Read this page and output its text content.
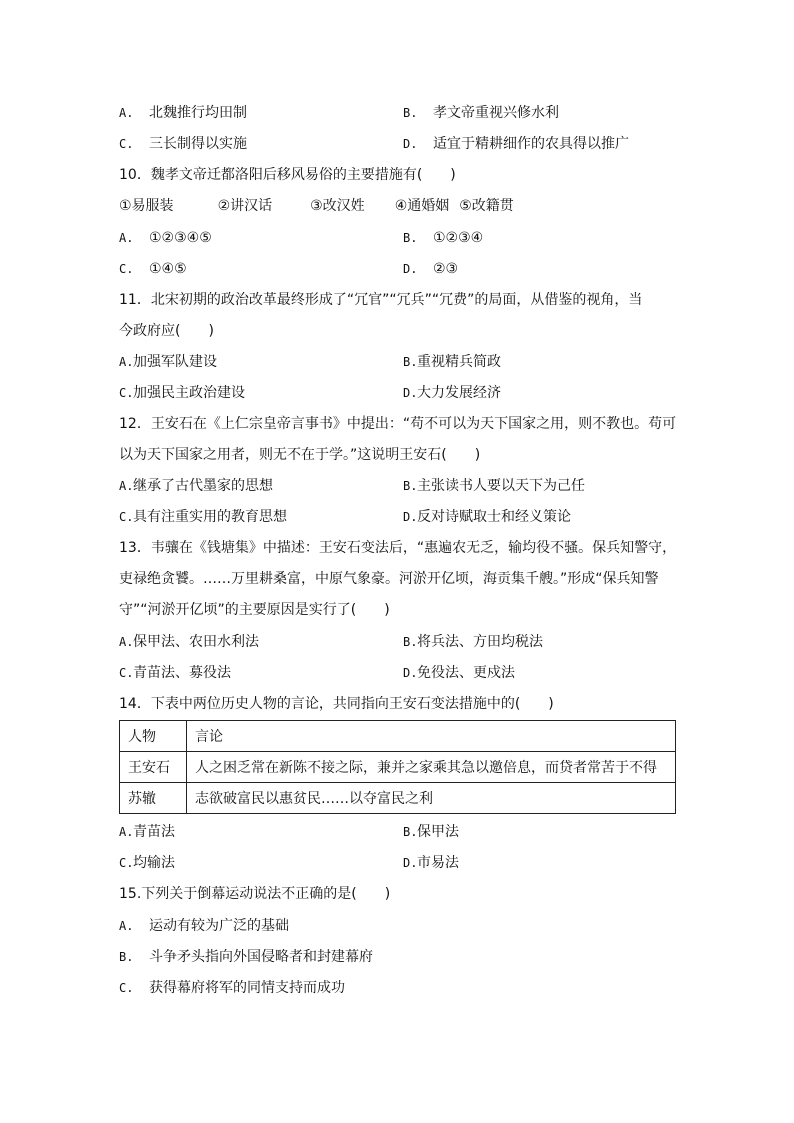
A. 北魏推行均田制	B. 孝文帝重视兴修水利
C. 三长制得以实施	D. 适宜于精耕细作的农具得以推广
10．魏孝文帝迁都洛阳后移风易俗的主要措施有(　　)
①易服装	②讲汉话	③改汉姓 ④通婚姻 ⑤改籍贯
A. ①②③④⑤	B. ①②③④
C. ①④⑤	D. ②③
11．北宋初期的政治改革最终形成了“冗官”“冗兵”“冗费”的局面，从借鉴的视角，当
今政府应(　　)
A.加强军队建设	B.重视精兵简政
C.加强民主政治建设	D.大力发展经济
12．王安石在《上仁宗皇帝言事书》中提出：“苟不可以为天下国家之用，则不教也。苟可
以为天下国家之用者，则无不在于学。”这说明王安石(　　)
A.继承了古代墨家的思想	B.主张读书人要以天下为己任
C.具有注重实用的教育思想	D.反对诗赋取士和经义策论
13．韦骧在《钱塘集》中描述：王安石变法后，“惠遍农无乏，输均役不骚。保兵知警守，
吏禄绝贪饕。……万里耕桑富，中原气象豪。河淤开亿顷，海贡集千艘。”形成“保兵知警
守”“河淤开亿顷”的主要原因是实行了(　　)
A.保甲法、农田水利法	B.将兵法、方田均税法
C.青苗法、募役法	D.免役法、更戍法
14．下表中两位历史人物的言论，共同指向王安石变法措施中的(　　)
人物	言论
王安石	人之困乏常在新陈不接之际，兼并之家乘其急以邀倍息，而贷者常苦于不得
苏辙	志欲破富民以惠贫民……以夺富民之利
A.青苗法	B.保甲法
C.均输法	D.市易法
15.下列关于倒幕运动说法不正确的是(　　)
A. 运动有较为广泛的基础
B. 斗争矛头指向外国侵略者和封建幕府
C. 获得幕府将军的同情支持而成功
